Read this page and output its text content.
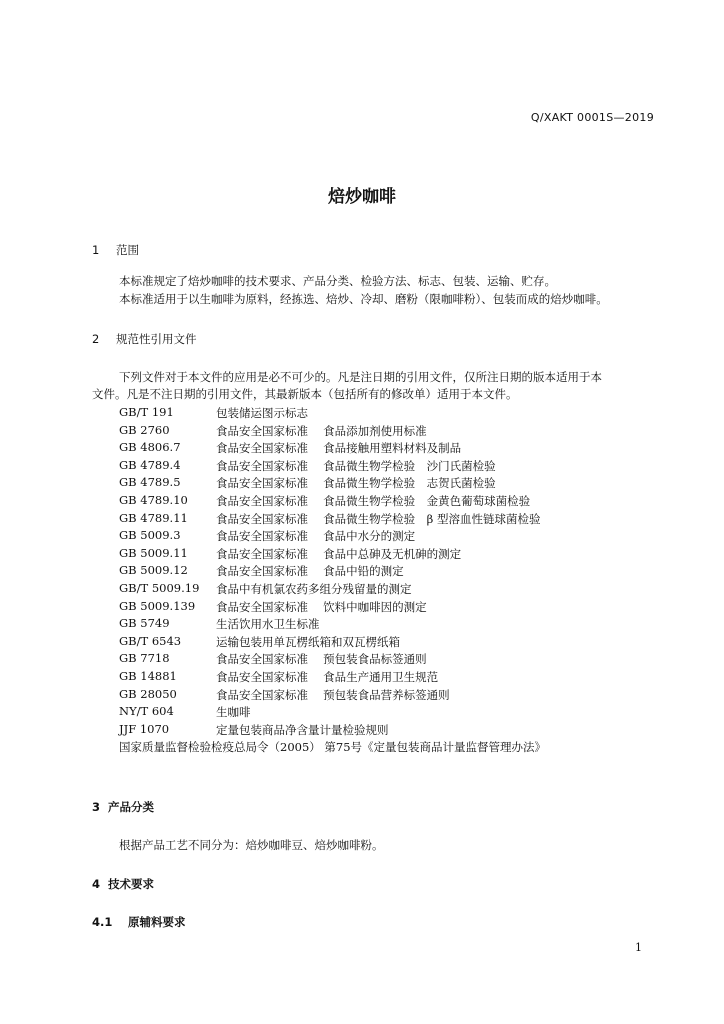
Q/XAKT 0001S—2019
焙炒咖啡
1 范围
本标准规定了焙炒咖啡的技术要求、产品分类、检验方法、标志、包装、运输、贮存。
本标准适用于以生咖啡为原料，经拣选、焙炒、冷却、磨粉（限咖啡粉）、包装而成的焙炒咖啡。
2 规范性引用文件
下列文件对于本文件的应用是必不可少的。凡是注日期的引用文件，仅所注日期的版本适用于本
文件。凡是不注日期的引用文件，其最新版本（包括所有的修改单）适用于本文件。
GB/T 191	包装储运图示标志
GB 2760	食品安全国家标准　 食品添加剂使用标准
GB 4806.7	食品安全国家标准　 食品接触用塑料材料及制品
GB 4789.4	食品安全国家标准　 食品微生物学检验　沙门氏菌检验
GB 4789.5	食品安全国家标准　 食品微生物学检验　志贺氏菌检验
GB 4789.10	食品安全国家标准　 食品微生物学检验　金黄色葡萄球菌检验
GB 4789.11	食品安全国家标准　 食品微生物学检验　β 型溶血性链球菌检验
GB 5009.3	食品安全国家标准　 食品中水分的测定
GB 5009.11	食品安全国家标准　 食品中总砷及无机砷的测定
GB 5009.12	食品安全国家标准　 食品中铅的测定
GB/T 5009.19	食品中有机氯农药多组分残留量的测定
GB 5009.139	食品安全国家标准　 饮料中咖啡因的测定
GB 5749	生活饮用水卫生标准
GB/T 6543	运输包装用单瓦楞纸箱和双瓦楞纸箱
GB 7718	食品安全国家标准　 预包装食品标签通则
GB 14881	食品安全国家标准　 食品生产通用卫生规范
GB 28050	食品安全国家标准　 预包装食品营养标签通则
NY/T 604	生咖啡
JJF 1070	定量包装商品净含量计量检验规则
国家质量监督检验检疫总局令（2005） 第75号《定量包装商品计量监督管理办法》
3 产品分类
根据产品工艺不同分为：焙炒咖啡豆、焙炒咖啡粉。
4 技术要求
4.1 原辅料要求
1
